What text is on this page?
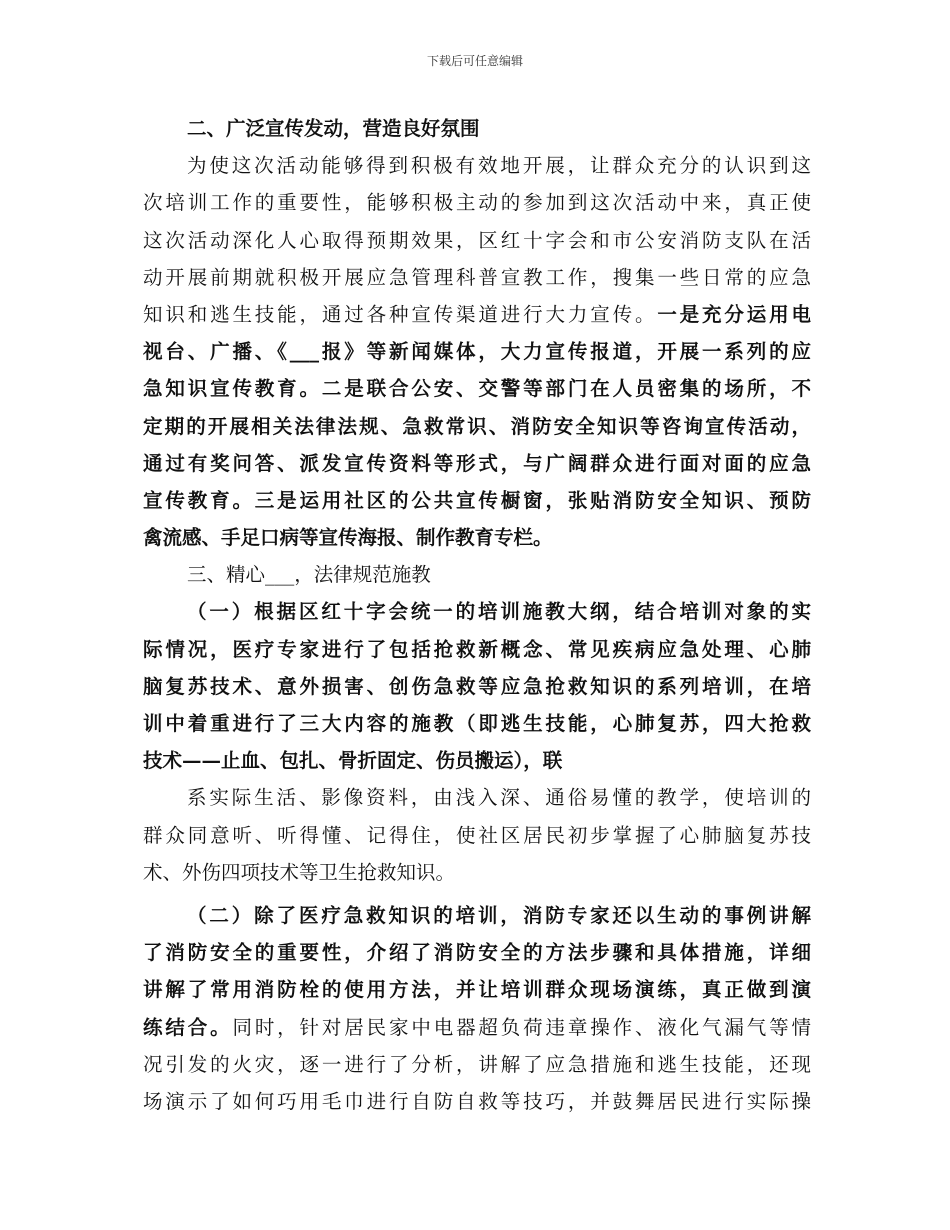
下载后可任意编辑
二、广泛宣传发动，营造良好氛围
为使这次活动能够得到积极有效地开展，让群众充分的认识到这
次培训工作的重要性，能够积极主动的参加到这次活动中来，真正使
这次活动深化人心取得预期效果，区红十字会和市公安消防支队在活
动开展前期就积极开展应急管理科普宣教工作，搜集一些日常的应急
知识和逃生技能，通过各种宣传渠道进行大力宣传。一是充分运用电
视台、广播、《___报》等新闻媒体，大力宣传报道，开展一系列的应
急知识宣传教育。二是联合公安、交警等部门在人员密集的场所，不
定期的开展相关法律法规、急救常识、消防安全知识等咨询宣传活动，
通过有奖问答、派发宣传资料等形式，与广阔群众进行面对面的应急
宣传教育。三是运用社区的公共宣传橱窗，张贴消防安全知识、预防
禽流感、手足口病等宣传海报、制作教育专栏。
三、精心___，法律规范施教
（一）根据区红十字会统一的培训施教大纲，结合培训对象的实
际情况，医疗专家进行了包括抢救新概念、常见疾病应急处理、心肺
脑复苏技术、意外损害、创伤急救等应急抢救知识的系列培训，在培
训中着重进行了三大内容的施教（即逃生技能，心肺复苏，四大抢救
技术——止血、包扎、骨折固定、伤员搬运），联
系实际生活、影像资料，由浅入深、通俗易懂的教学，使培训的
群众同意听、听得懂、记得住，使社区居民初步掌握了心肺脑复苏技
术、外伤四项技术等卫生抢救知识。
（二）除了医疗急救知识的培训，消防专家还以生动的事例讲解
了消防安全的重要性，介绍了消防安全的方法步骤和具体措施，详细
讲解了常用消防栓的使用方法，并让培训群众现场演练，真正做到演
练结合。同时，针对居民家中电器超负荷违章操作、液化气漏气等情
况引发的火灾，逐一进行了分析，讲解了应急措施和逃生技能，还现
场演示了如何巧用毛巾进行自防自救等技巧，并鼓舞居民进行实际操
